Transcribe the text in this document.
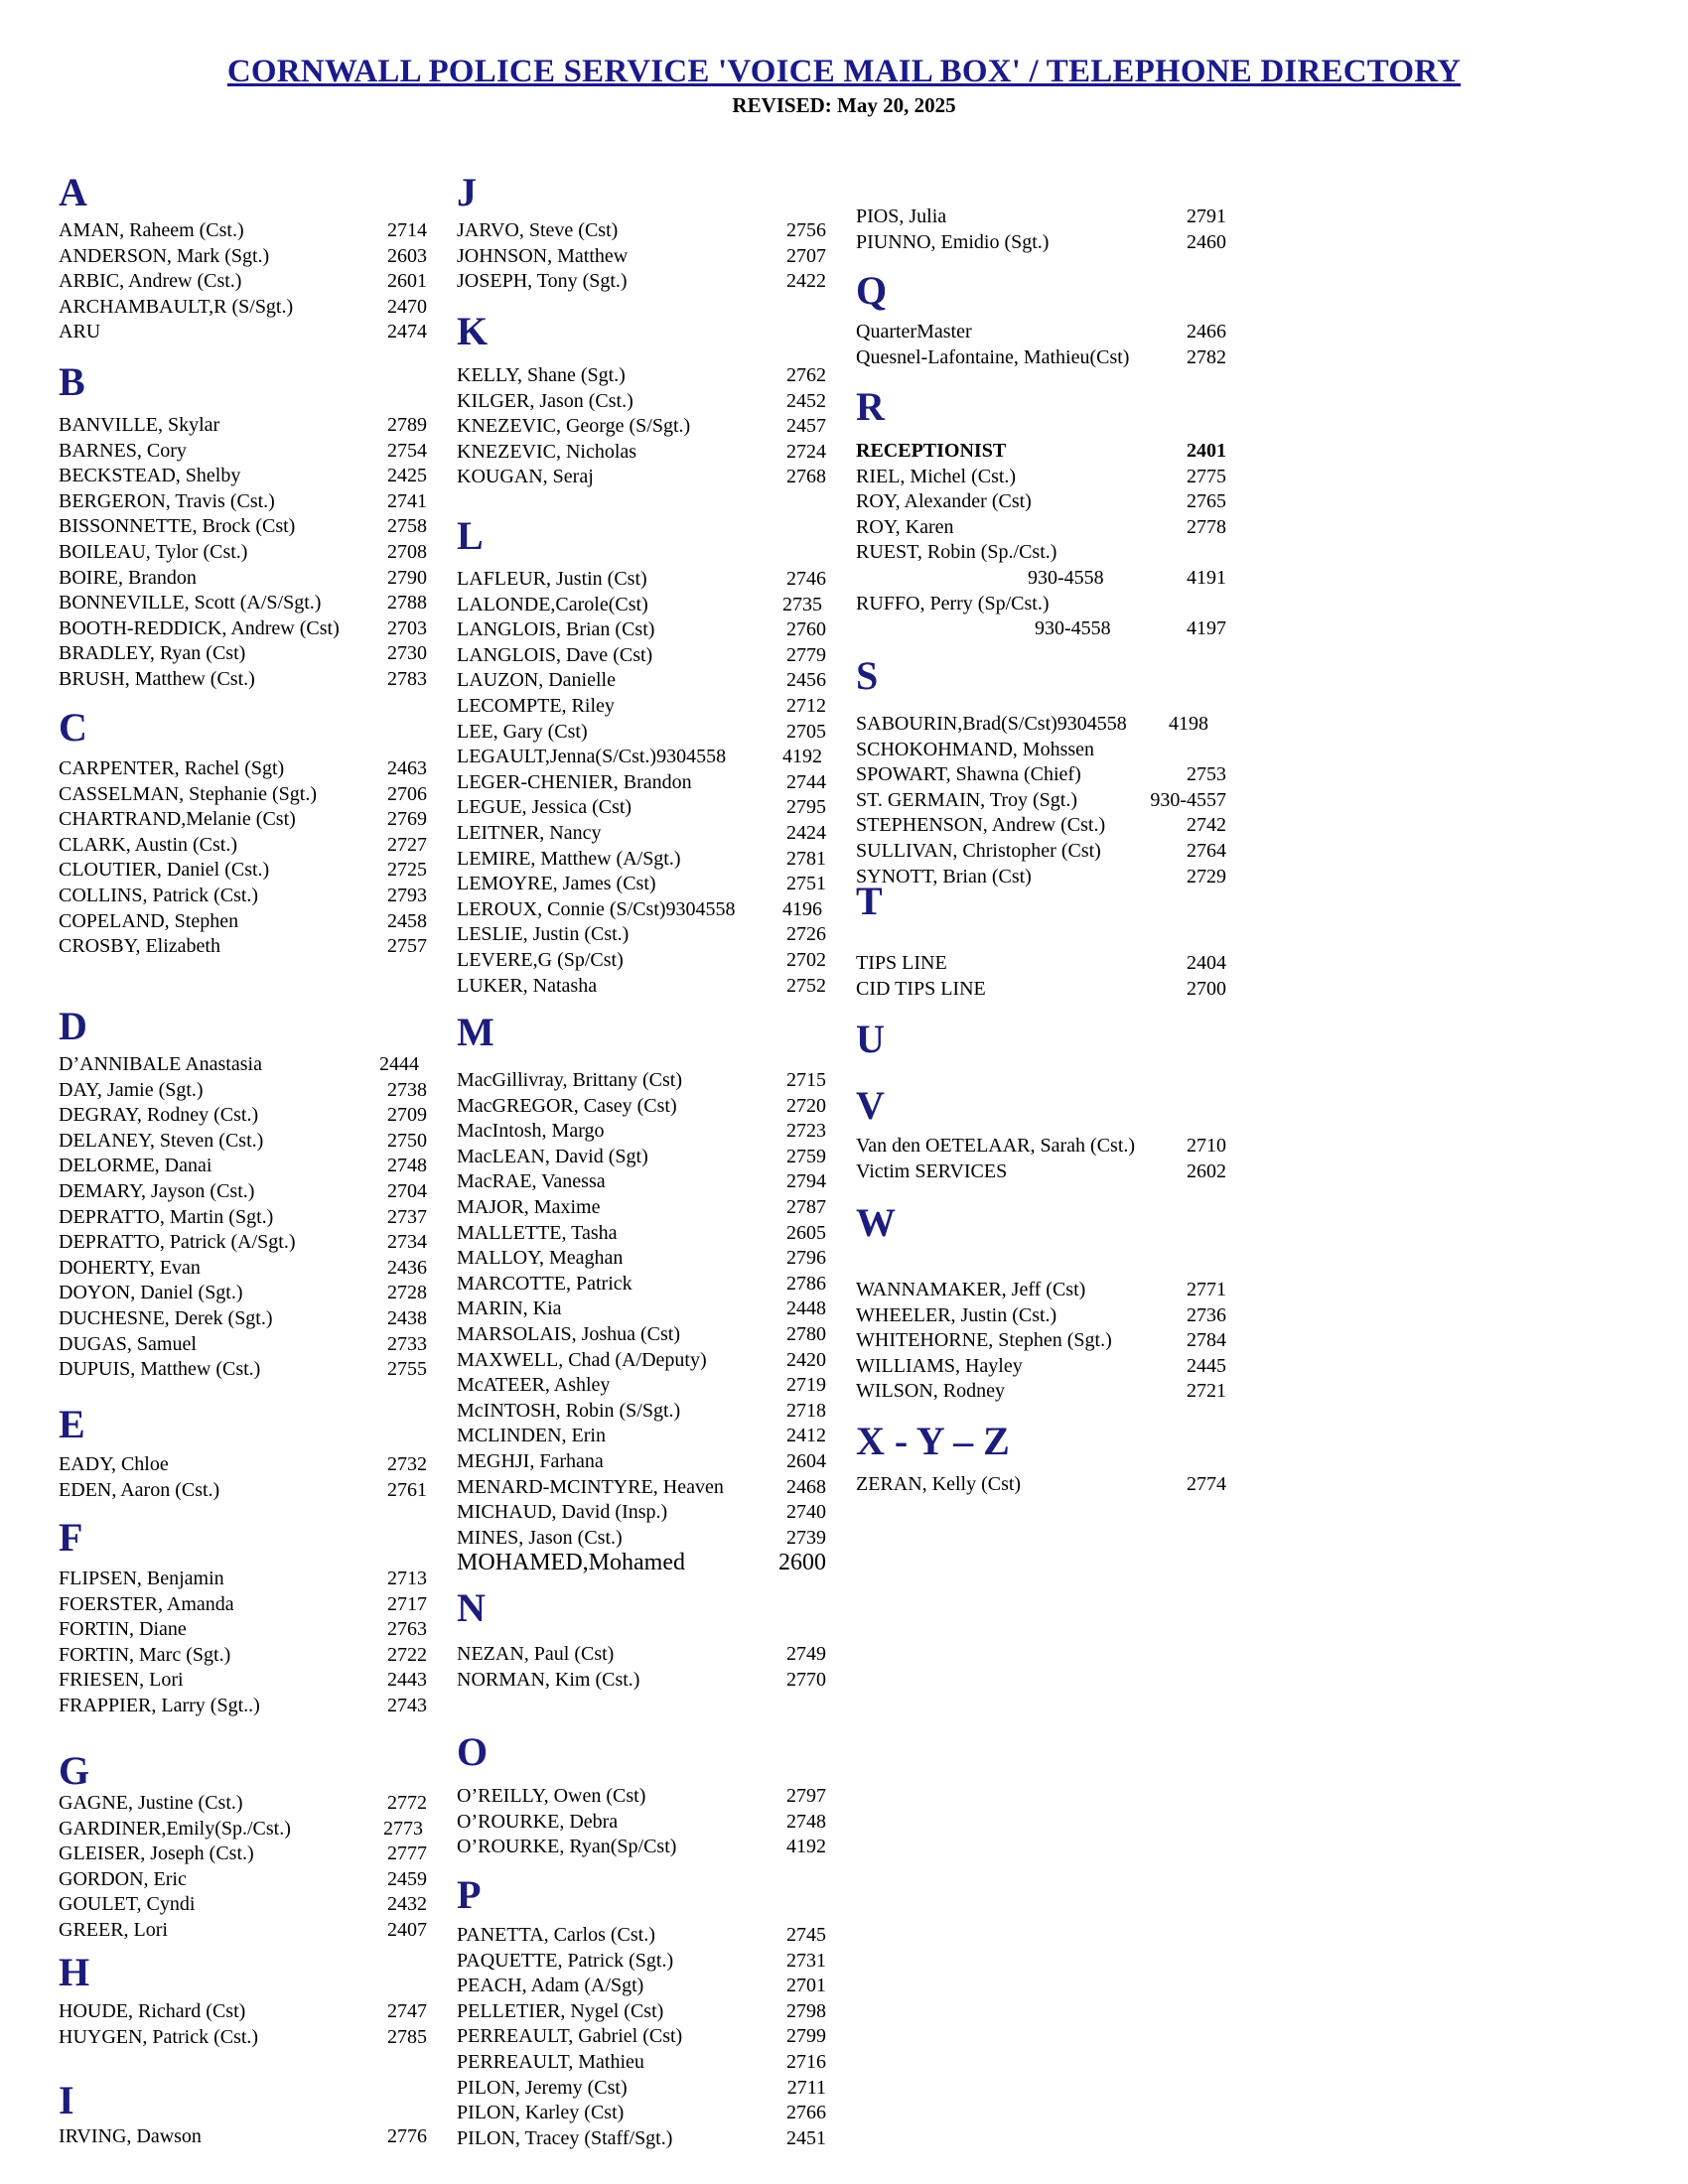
CORNWALL POLICE SERVICE 'VOICE MAIL BOX' / TELEPHONE DIRECTORY
REVISED: May 20, 2025
A
AMAN, Raheem (Cst.)	2714
ANDERSON, Mark (Sgt.)	2603
ARBIC, Andrew (Cst.)	2601
ARCHAMBAULT,R (S/Sgt.)	2470
ARU	2474
B
BANVILLE, Skylar	2789
BARNES, Cory	2754
BECKSTEAD, Shelby	2425
BERGERON, Travis (Cst.)	2741
BISSONNETTE, Brock (Cst)	2758
BOILEAU, Tylor (Cst.)	2708
BOIRE, Brandon	2790
BONNEVILLE, Scott (A/S/Sgt.)	2788
BOOTH-REDDICK, Andrew (Cst) 2703
BRADLEY, Ryan (Cst)	2730
BRUSH, Matthew (Cst.)	2783
C
CARPENTER, Rachel (Sgt)	2463
CASSELMAN, Stephanie (Sgt.)	2706
CHARTRAND,Melanie (Cst)	2769
CLARK, Austin (Cst.)	2727
CLOUTIER, Daniel (Cst.)	2725
COLLINS, Patrick (Cst.)	2793
COPELAND, Stephen	2458
CROSBY, Elizabeth	2757
D
D’ANNIBALE Anastasia	2444
DAY, Jamie (Sgt.)	2738
DEGRAY, Rodney (Cst.)	2709
DELANEY, Steven (Cst.)	2750
DELORME, Danai	2748
DEMARY, Jayson (Cst.)	2704
DEPRATTO, Martin (Sgt.)	2737
DEPRATTO, Patrick (A/Sgt.)	2734
DOHERTY, Evan	2436
DOYON, Daniel (Sgt.)	2728
DUCHESNE, Derek (Sgt.)	2438
DUGAS, Samuel	2733
DUPUIS, Matthew (Cst.)	2755
E
EADY, Chloe	2732
EDEN, Aaron (Cst.)	2761
F
FLIPSEN, Benjamin	2713
FOERSTER, Amanda	2717
FORTIN, Diane	2763
FORTIN, Marc (Sgt.)	2722
FRIESEN, Lori	2443
FRAPPIER, Larry (Sgt..)	2743
G
GAGNE, Justine (Cst.)	2772
GARDINER,Emily(Sp./Cst.)	2773
GLEISER, Joseph (Cst.)	2777
GORDON, Eric	2459
GOULET, Cyndi	2432
GREER, Lori	2407
H
HOUDE, Richard (Cst)	2747
HUYGEN, Patrick (Cst.)	2785
I
IRVING, Dawson	2776
J
JARVO, Steve (Cst)	2756
JOHNSON, Matthew	2707
JOSEPH, Tony (Sgt.)	2422
K
KELLY, Shane (Sgt.)	2762
KILGER, Jason (Cst.)	2452
KNEZEVIC, George (S/Sgt.)	2457
KNEZEVIC, Nicholas	2724
KOUGAN, Seraj	2768
L
LAFLEUR, Justin (Cst)	2746
LALONDE,Carole(Cst)	2735
LANGLOIS, Brian (Cst)	2760
LANGLOIS, Dave (Cst)	2779
LAUZON, Danielle	2456
LECOMPTE, Riley	2712
LEE, Gary (Cst)	2705
LEGAULT,Jenna(S/Cst.)9304558	4192
LEGER-CHENIER, Brandon	2744
LEGUE, Jessica (Cst)	2795
LEITNER, Nancy	2424
LEMIRE, Matthew (A/Sgt.)	2781
LEMOYRE, James (Cst)	2751
LEROUX, Connie (S/Cst)9304558 4196
LESLIE, Justin (Cst.)	2726
LEVERE,G (Sp/Cst)	2702
LUKER, Natasha	2752
M
MacGillivray, Brittany (Cst)	2715
MacGREGOR, Casey (Cst)	2720
MacIntosh, Margo	2723
MacLEAN, David (Sgt)	2759
MacRAE, Vanessa	2794
MAJOR, Maxime	2787
MALLETTE, Tasha	2605
MALLOY, Meaghan	2796
MARCOTTE, Patrick	2786
MARIN, Kia	2448
MARSOLAIS, Joshua (Cst)	2780
MAXWELL, Chad (A/Deputy)	2420
McATEER, Ashley	2719
McINTOSH, Robin (S/Sgt.)	2718
MCLINDEN, Erin	2412
MEGHJI, Farhana	2604
MENARD-MCINTYRE, Heaven	2468
MICHAUD, David (Insp.)	2740
MINES, Jason (Cst.)	2739
MOHAMED,Mohamed	2600
N
NEZAN, Paul (Cst)	2749
NORMAN, Kim (Cst.)	2770
O
O’REILLY, Owen (Cst)	2797
O’ROURKE, Debra	2748
O’ROURKE, Ryan(Sp/Cst)	4192
P
PANETTA, Carlos (Cst.)	2745
PAQUETTE, Patrick (Sgt.)	2731
PEACH, Adam (A/Sgt)	2701
PELLETIER, Nygel (Cst)	2798
PERREAULT, Gabriel (Cst)	2799
PERREAULT, Mathieu	2716
PILON, Jeremy (Cst)	2711
PILON, Karley (Cst)	2766
PILON, Tracey (Staff/Sgt.)	2451
PIOS, Julia	2791
PIUNNO, Emidio (Sgt.)	2460
Q
QuarterMaster	2466
Quesnel-Lafontaine, Mathieu(Cst)	2782
R
RECEPTIONIST	2401
RIEL, Michel (Cst.)	2775
ROY, Alexander (Cst)	2765
ROY, Karen	2778
RUEST, Robin (Sp./Cst.)
930-4558	4191
RUFFO, Perry (Sp/Cst.)
930-4558	4197
S
SABOURIN,Brad(S/Cst)9304558 4198
SCHOKOHMAND, Mohssen
SPOWART, Shawna (Chief)	2753
ST. GERMAIN, Troy (Sgt.)	930-4557
STEPHENSON, Andrew (Cst.)	2742
SULLIVAN, Christopher (Cst)	2764
SYNOTT, Brian (Cst)	2729
T
TIPS LINE	2404
CID TIPS LINE	2700
U
V
Van den OETELAAR, Sarah (Cst.)	2710
Victim SERVICES	2602
W
WANNAMAKER, Jeff (Cst)	2771
WHEELER, Justin (Cst.)	2736
WHITEHORNE, Stephen (Sgt.)	2784
WILLIAMS, Hayley	2445
WILSON, Rodney	2721
X - Y – Z
ZERAN, Kelly (Cst)	2774
